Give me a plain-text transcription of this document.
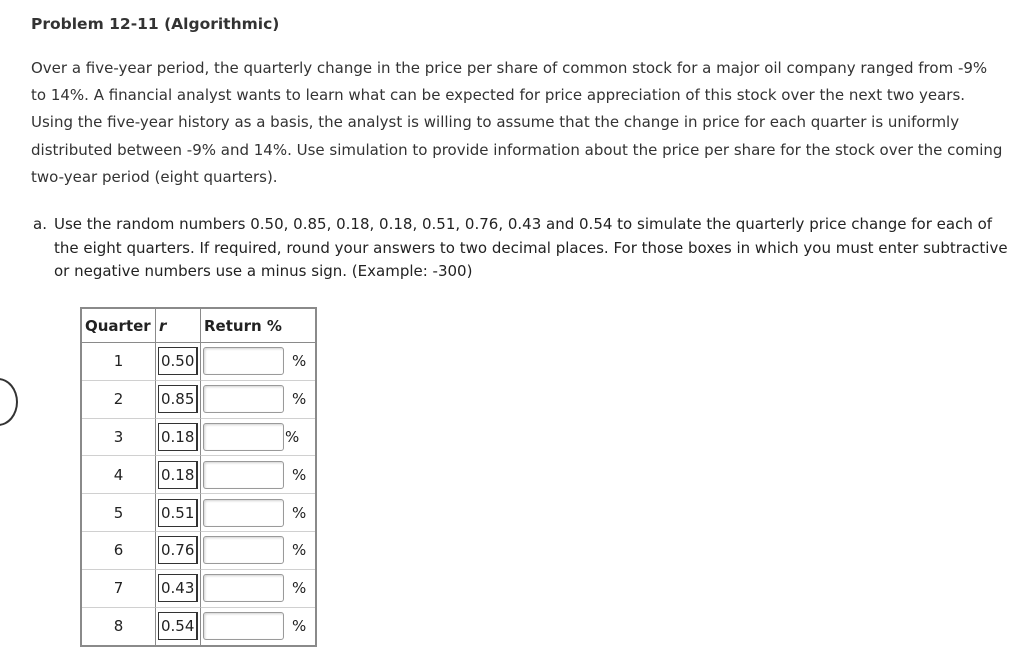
Problem 12-11 (Algorithmic)

Over a five-year period, the quarterly change in the price per share of common stock for a major oil company ranged from -9% to 14%. A financial analyst wants to learn what can be expected for price appreciation of this stock over the next two years. Using the five-year history as a basis, the analyst is willing to assume that the change in price for each quarter is uniformly distributed between -9% and 14%. Use simulation to provide information about the price per share for the stock over the coming two-year period (eight quarters).

a. Use the random numbers 0.50, 0.85, 0.18, 0.18, 0.51, 0.76, 0.43 and 0.54 to simulate the quarterly price change for each of the eight quarters. If required, round your answers to two decimal places. For those boxes in which you must enter subtractive or negative numbers use a minus sign. (Example: -300)

Quarter	r	Return %
1	0.50	%
2	0.85	%
3	0.18	%
4	0.18	%
5	0.51	%
6	0.76	%
7	0.43	%
8	0.54	%
